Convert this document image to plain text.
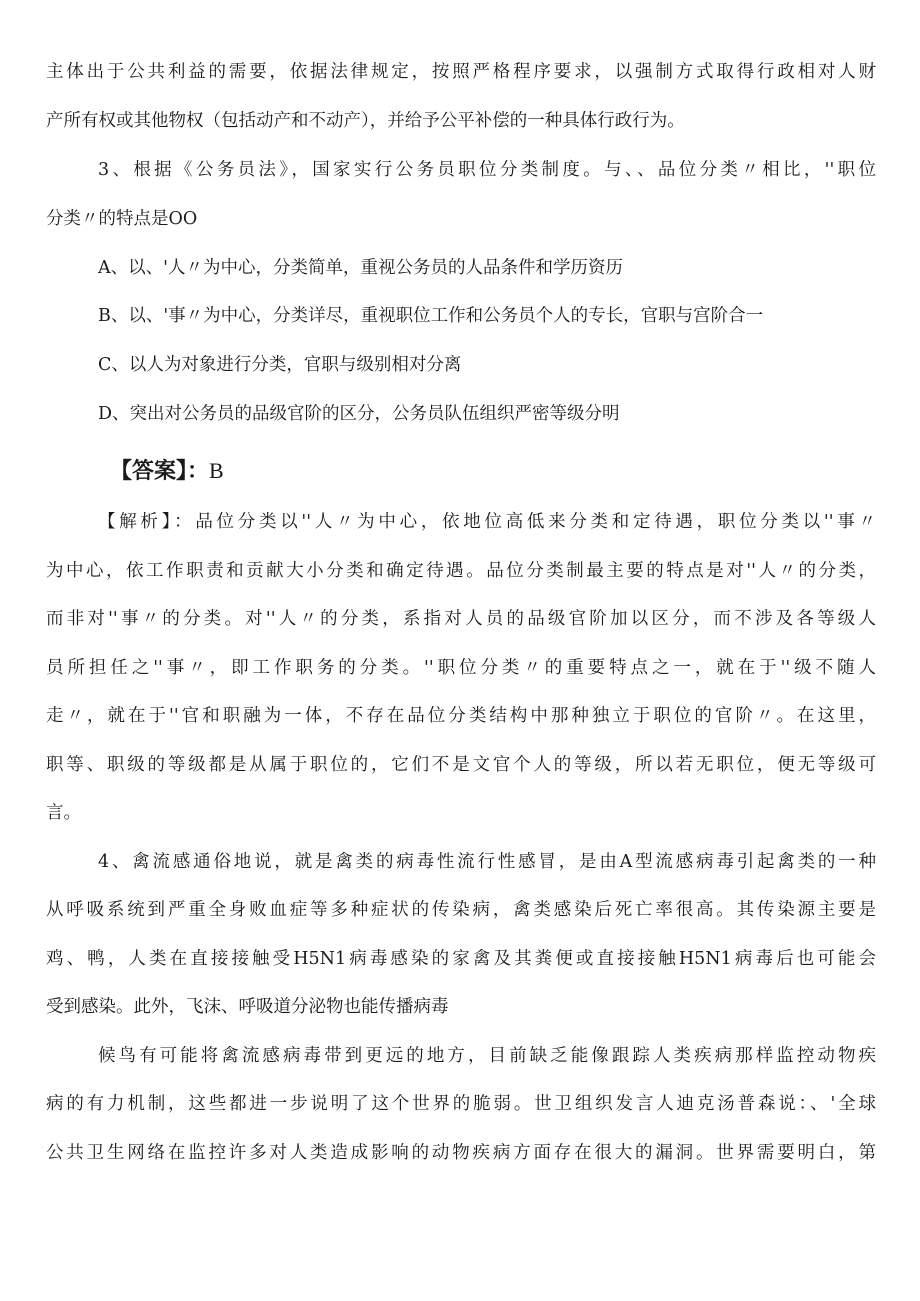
主体出于公共利益的需要，依据法律规定，按照严格程序要求，以强制方式取得行政相对人财

产所有权或其他物权（包括动产和不动产），并给予公平补偿的一种具体行政行为。

3、根据《公务员法》，国家实行公务员职位分类制度。与、、品位分类〃相比，''职位

分类〃的特点是OO

A、以、'人〃为中心，分类简单，重视公务员的人品条件和学历资历

B、以、'事〃为中心，分类详尽，重视职位工作和公务员个人的专长，官职与宫阶合一

C、以人为对象进行分类，官职与级别相对分离

D、突出对公务员的品级官阶的区分，公务员队伍组织严密等级分明

【答案】：B

【解析】：品位分类以''人〃为中心，依地位高低来分类和定待遇，职位分类以''事〃

为中心，依工作职责和贡献大小分类和确定待遇。品位分类制最主要的特点是对''人〃的分类，

而非对''事〃的分类。对''人〃的分类，系指对人员的品级官阶加以区分，而不涉及各等级人

员所担任之''事〃，即工作职务的分类。''职位分类〃的重要特点之一，就在于''级不随人

走〃，就在于''官和职融为一体，不存在品位分类结构中那种独立于职位的官阶〃。在这里，

职等、职级的等级都是从属于职位的，它们不是文官个人的等级，所以若无职位，便无等级可

言。

4、禽流感通俗地说，就是禽类的病毒性流行性感冒，是由A型流感病毒引起禽类的一种

从呼吸系统到严重全身败血症等多种症状的传染病，禽类感染后死亡率很高。其传染源主要是

鸡、鸭，人类在直接接触受H5N1病毒感染的家禽及其粪便或直接接触H5N1病毒后也可能会

受到感染。此外，飞沫、呼吸道分泌物也能传播病毒

候鸟有可能将禽流感病毒带到更远的地方，目前缺乏能像跟踪人类疾病那样监控动物疾

病的有力机制，这些都进一步说明了这个世界的脆弱。世卫组织发言人迪克汤普森说：、'全球

公共卫生网络在监控许多对人类造成影响的动物疾病方面存在很大的漏洞。世界需要明白，第
